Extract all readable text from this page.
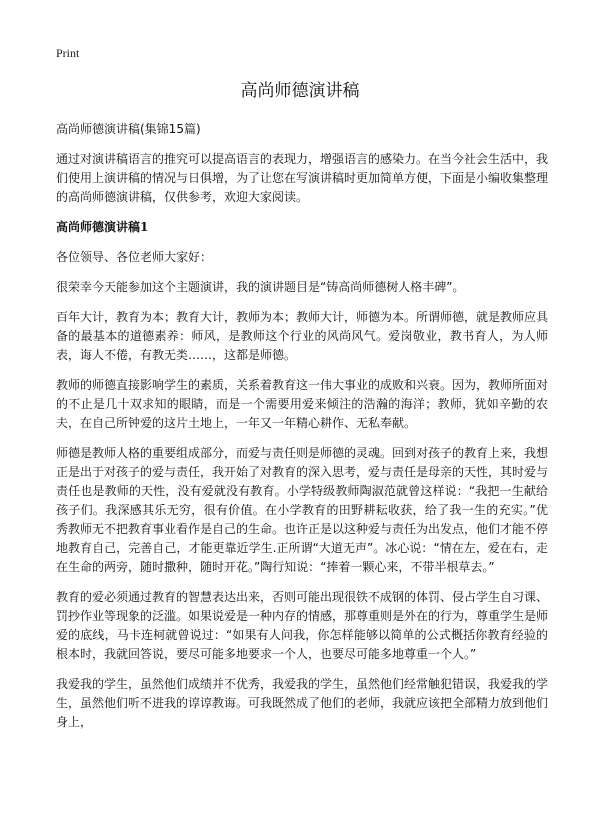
Print
高尚师德演讲稿

高尚师德演讲稿(集锦15篇)

通过对演讲稿语言的推究可以提高语言的表现力，增强语言的感染力。在当今社会生活中，我们使用上演讲稿的情况与日俱增，为了让您在写演讲稿时更加简单方便，下面是小编收集整理的高尚师德演讲稿，仅供参考，欢迎大家阅读。

高尚师德演讲稿1

各位领导、各位老师大家好：

很荣幸今天能参加这个主题演讲，我的演讲题目是“铸高尚师德树人格丰碑”。

百年大计，教育为本；教育大计，教师为本；教师大计，师德为本。所谓师德，就是教师应具备的最基本的道德素养：师风，是教师这个行业的风尚风气。爱岗敬业，教书育人，为人师表，诲人不倦，有教无类……，这都是师德。

教师的师德直接影响学生的素质，关系着教育这一伟大事业的成败和兴衰。因为，教师所面对的不止是几十双求知的眼睛，而是一个需要用爱来倾注的浩瀚的海洋；教师，犹如辛勤的农夫，在自己所钟爱的这片土地上，一年又一年精心耕作、无私奉献。

师德是教师人格的重要组成部分，而爱与责任则是师德的灵魂。回到对孩子的教育上来，我想正是出于对孩子的爱与责任，我开始了对教育的深入思考，爱与责任是母亲的天性，其时爱与责任也是教师的天性，没有爱就没有教育。小学特级教师陶淑范就曾这样说：“我把一生献给孩子们。我深感其乐无穷，很有价值。在小学教育的田野耕耘收获，给了我一生的充实。”优秀教师无不把教育事业看作是自己的生命。也许正是以这种爱与责任为出发点，他们才能不停地教育自己，完善自己，才能更靠近学生.正所谓“大道无声”。冰心说：“情在左，爱在右，走在生命的两旁，随时撒种，随时开花。”陶行知说：“捧着一颗心来，不带半根草去。”

教育的爱必须通过教育的智慧表达出来，否则可能出现很铁不成钢的体罚、侵占学生自习课、罚抄作业等现象的泛滥。如果说爱是一种内存的情感，那尊重则是外在的行为，尊重学生是师爱的底线，马卡连柯就曾说过：“如果有人问我，你怎样能够以简单的公式概括你教育经验的根本时，我就回答说，要尽可能多地要求一个人，也要尽可能多地尊重一个人。”

我爱我的学生，虽然他们成绩并不优秀，我爱我的学生，虽然他们经常触犯错误，我爱我的学生，虽然他们听不进我的谆谆教诲。可我既然成了他们的老师，我就应该把全部精力放到他们身上，
